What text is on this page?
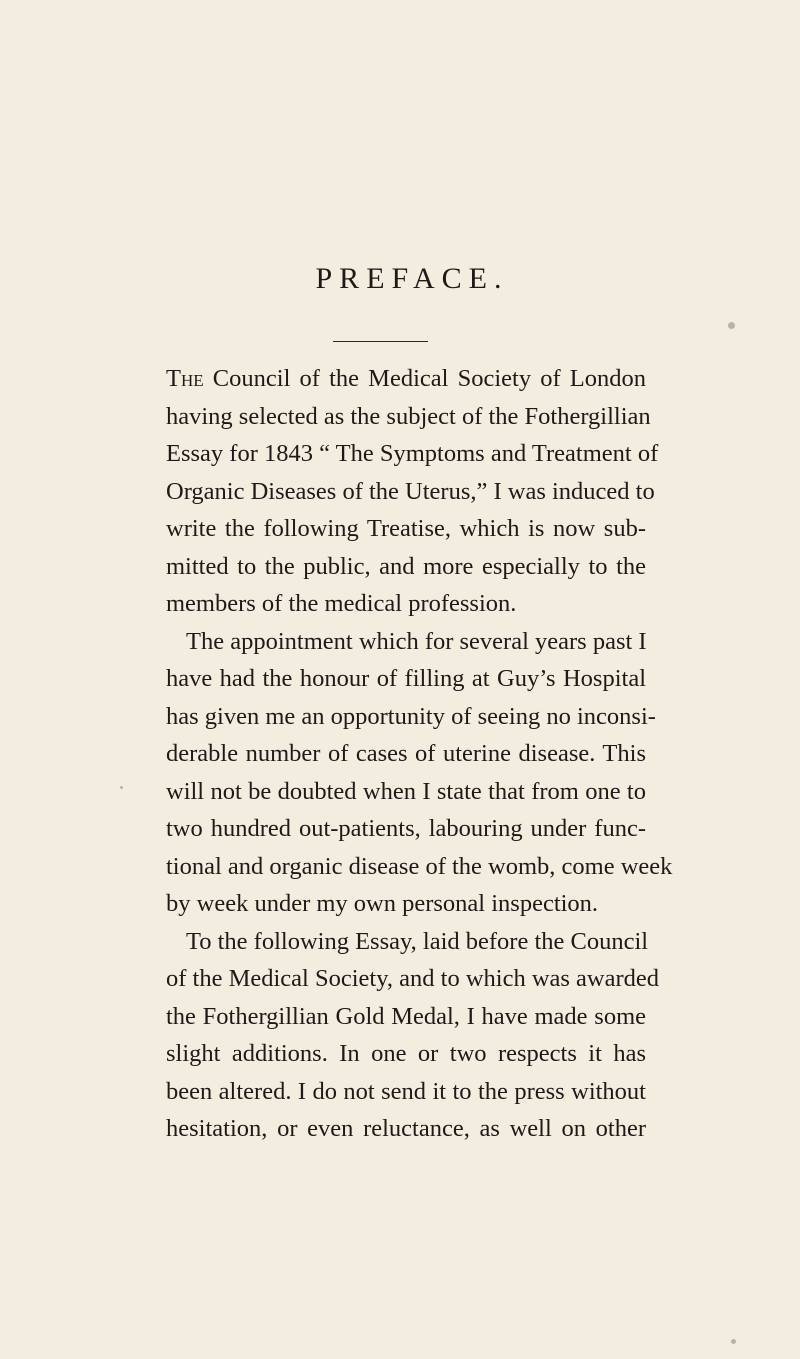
PREFACE.
The Council of the Medical Society of London
having selected as the subject of the Fothergillian
Essay for 1843 “ The Symptoms and Treatment of
Organic Diseases of the Uterus,” I was induced to
write the following Treatise, which is now sub-
mitted to the public, and more especially to the
members of the medical profession.
The appointment which for several years past I
have had the honour of filling at Guy’s Hospital
has given me an opportunity of seeing no inconsi-
derable number of cases of uterine disease. This
will not be doubted when I state that from one to
two hundred out-patients, labouring under func-
tional and organic disease of the womb, come week
by week under my own personal inspection.
To the following Essay, laid before the Council
of the Medical Society, and to which was awarded
the Fothergillian Gold Medal, I have made some
slight additions. In one or two respects it has
been altered. I do not send it to the press without
hesitation, or even reluctance, as well on other
